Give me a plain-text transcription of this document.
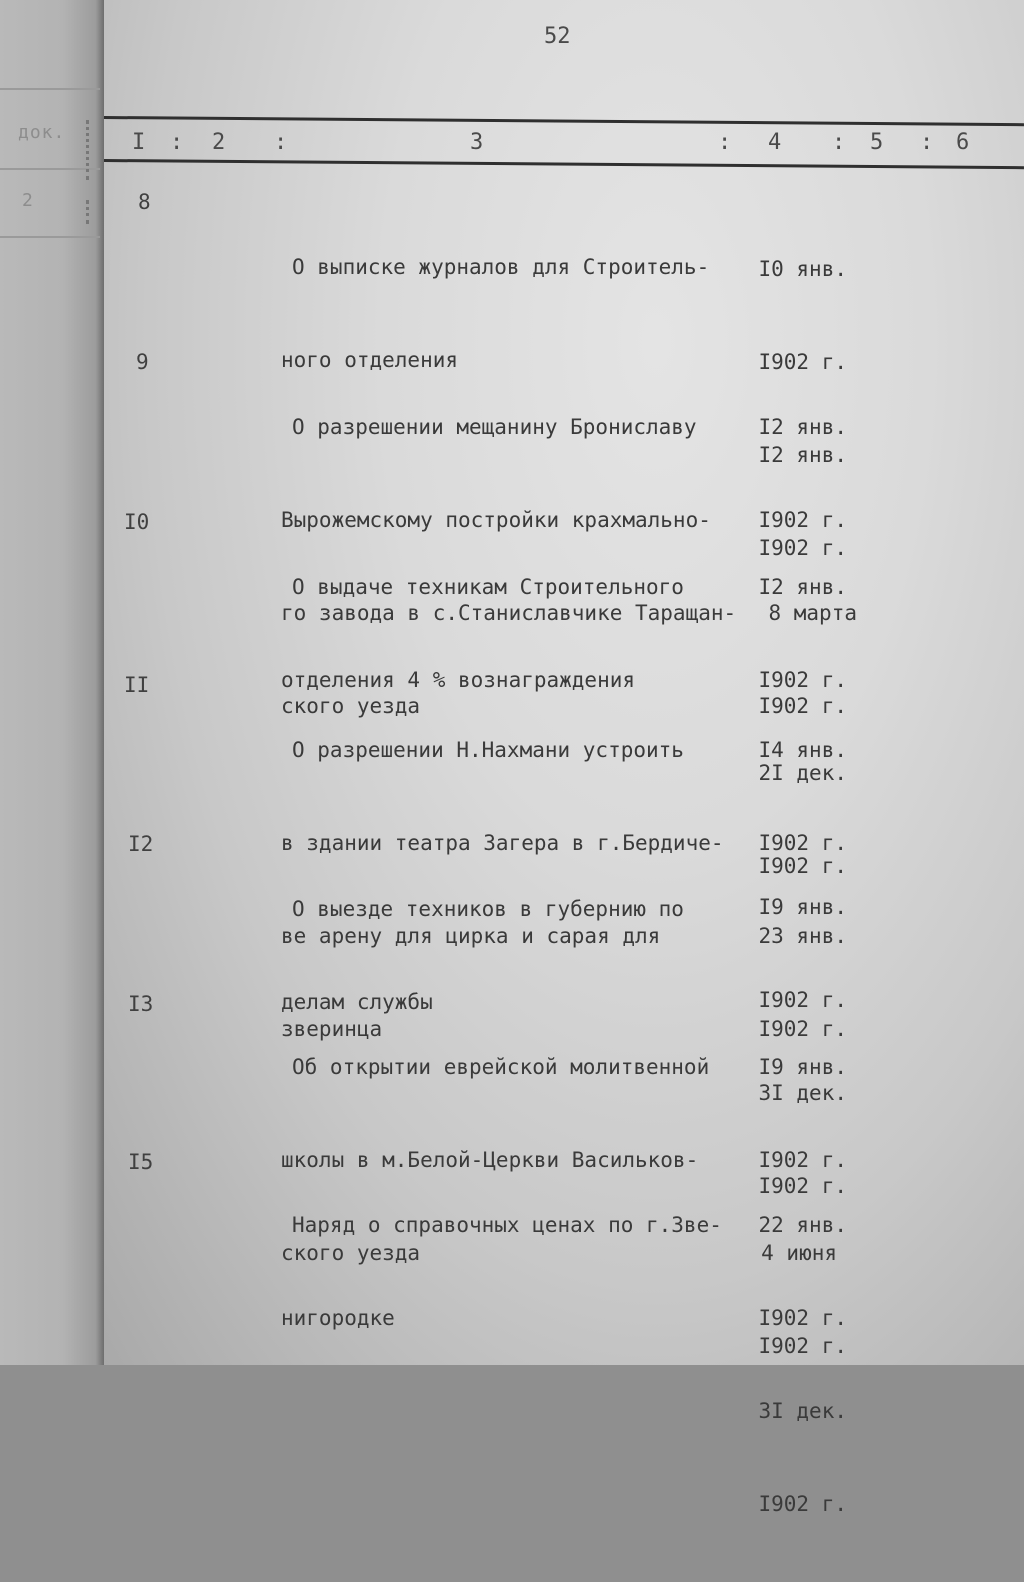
док.
2
52
I : 2 :	3	: 4 : 5 : 6
8

О выписке журналов для Строитель-

ного отделения

I0 янв.

I902 г.

I2 янв.

I902 г.

9

О разрешении мещанину Брониславу

Вырожемскому постройки крахмально-

го завода в с.Станиславчике Таращан-

ского уезда

I2 янв.

I902 г.

8 марта

I902 г.

I0

О выдаче техникам Строительного

отделения 4 % вознаграждения

I2 янв.

I902 г.

2I дек.

I902 г.

II

О разрешении Н.Нахмани устроить

в здании театра Загера в г.Бердиче-

ве арену для цирка и сарая для

зверинца

I4 янв.

I902 г.

23 янв.

I902 г.

I2

О выезде техников в губернию по

делам службы

I9 янв.

I902 г.

3I дек.

I902 г.

I3

Об открытии еврейской молитвенной

школы в м.Белой-Церкви Васильков-

ского уезда

I9 янв.

I902 г.

4 июня

I902 г.

I5

Наряд о справочных ценах по г.Зве-

нигородке

22 янв.

I902 г.

3I дек.

I902 г.
